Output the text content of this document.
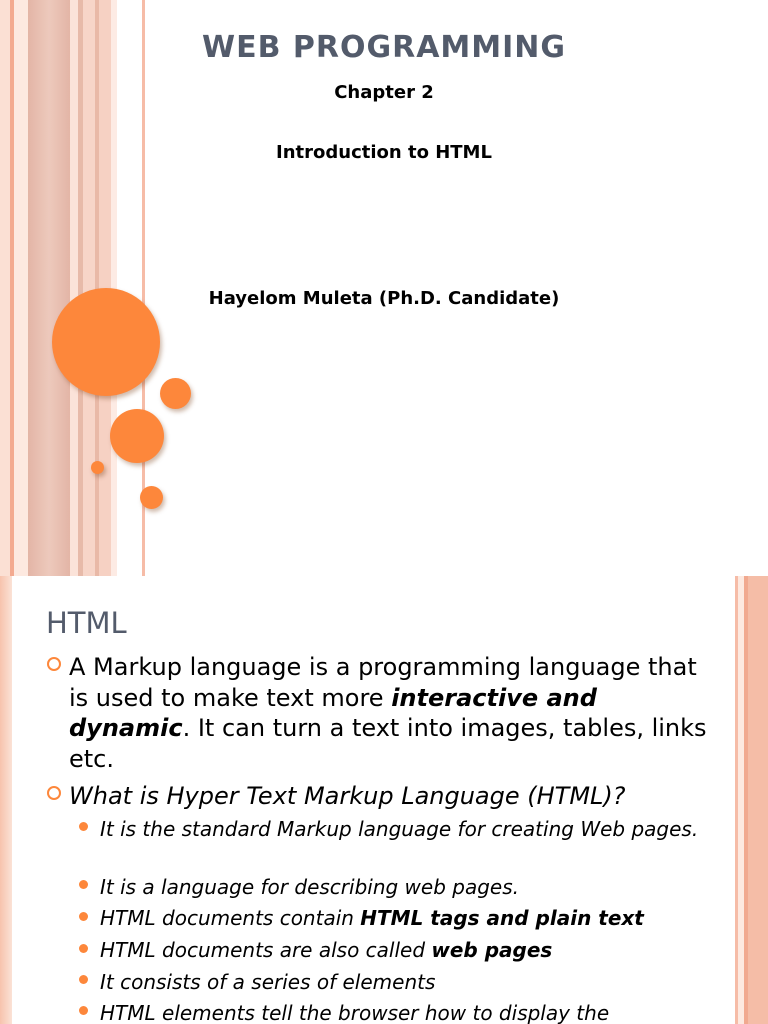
WEB PROGRAMMING
Chapter 2
Introduction to HTML
Hayelom Muleta (Ph.D. Candidate)
HTML
A Markup language is a programming language that is used to make text more interactive and dynamic. It can turn a text into images, tables, links etc.
What is Hyper Text Markup Language (HTML)?
It is the standard Markup language for creating Web pages.
It is a language for describing web pages.
HTML documents contain HTML tags and plain text
HTML documents are also called web pages
It consists of a series of elements
HTML elements tell the browser how to display the
